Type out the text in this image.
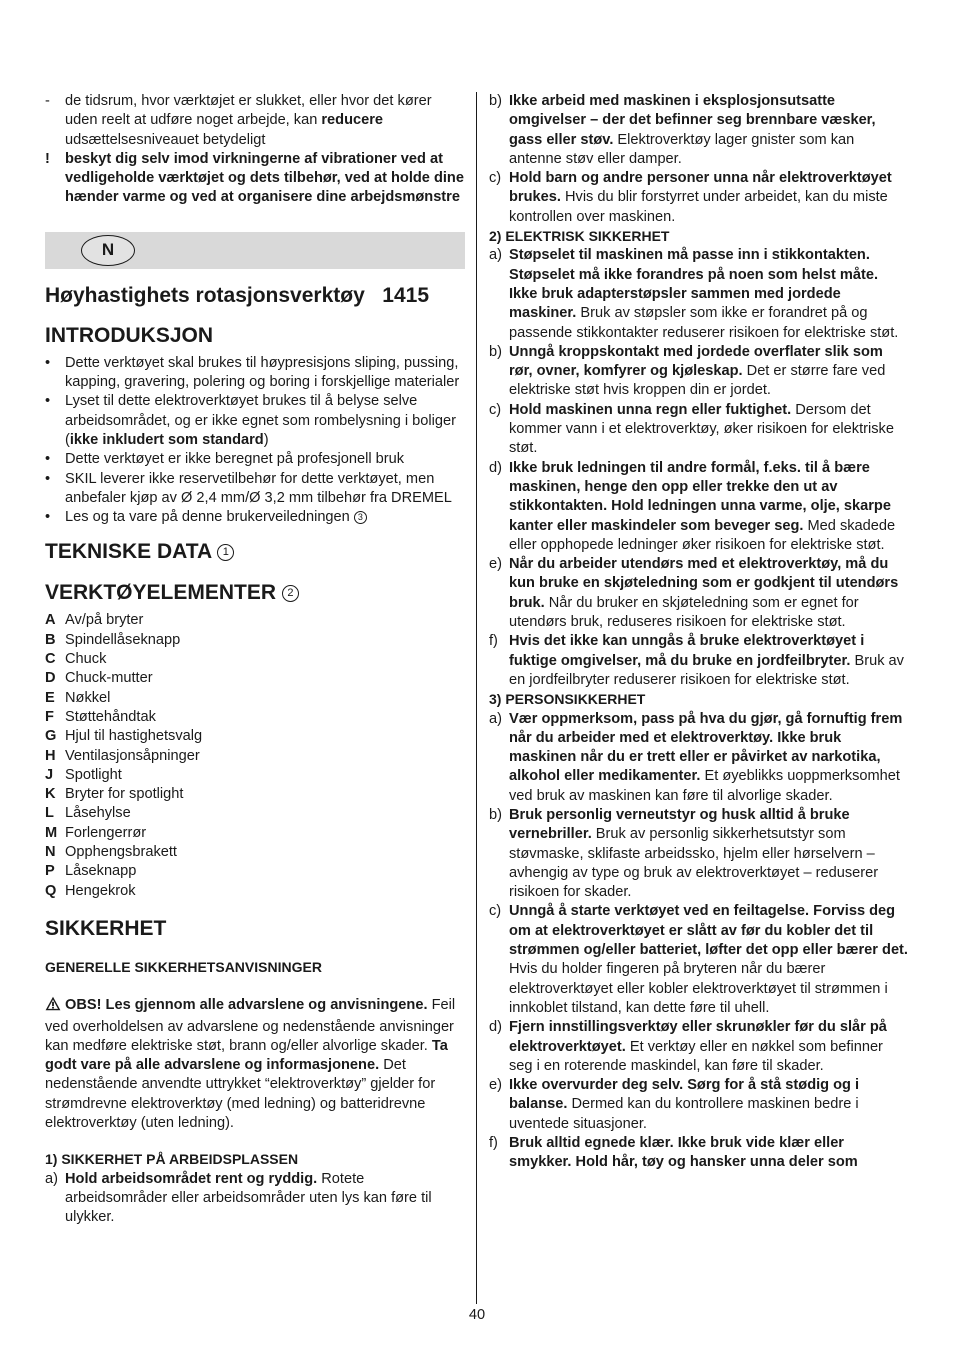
-	de tidsrum, hvor værktøjet er slukket, eller hvor det kører uden reelt at udføre noget arbejde, kan reducere udsættelsesniveauet betydeligt
!	beskyt dig selv imod virkningerne af vibrationer ved at vedligeholde værktøjet og dets tilbehør, ved at holde dine hænder varme og ved at organisere dine arbejdsmønstre
N
Høyhastighets rotasjonsverktøy 1415
INTRODUKSJON
•	Dette verktøyet skal brukes til høypresisjons sliping, pussing, kapping, gravering, polering og boring i forskjellige materialer
•	Lyset til dette elektroverktøyet brukes til å belyse selve arbeidsområdet, og er ikke egnet som rombelysning i boliger (ikke inkludert som standard)
•	Dette verktøyet er ikke beregnet på profesjonell bruk
•	SKIL leverer ikke reservetilbehør for dette verktøyet, men anbefaler kjøp av Ø 2,4 mm/Ø 3,2 mm tilbehør fra DREMEL
•	Les og ta vare på denne brukerveiledningen 3
TEKNISKE DATA 1
VERKTØYELEMENTER 2
A Av/på bryter
B Spindellåseknapp
C Chuck
D Chuck-mutter
E Nøkkel
F Støttehåndtak
G Hjul til hastighetsvalg
H Ventilasjonsåpninger
J Spotlight
K Bryter for spotlight
L Låsehylse
M Forlengerrør
N Opphengsbrakett
P Låseknapp
Q Hengekrok
SIKKERHET
GENERELLE SIKKERHETSANVISNINGER
OBS! Les gjennom alle advarslene og anvisningene. Feil ved overholdelsen av advarslene og nedenstående anvisninger kan medføre elektriske støt, brann og/eller alvorlige skader. Ta godt vare på alle advarslene og informasjonene. Det nedenstående anvendte uttrykket “elektroverktøy” gjelder for strømdrevne elektroverktøy (med ledning) og batteridrevne elektroverktøy (uten ledning).
1) SIKKERHET PÅ ARBEIDSPLASSEN
a) Hold arbeidsområdet rent og ryddig. Rotete arbeidsområder eller arbeidsområder uten lys kan føre til ulykker.
b) Ikke arbeid med maskinen i eksplosjonsutsatte omgivelser – der det befinner seg brennbare væsker, gass eller støv. Elektroverktøy lager gnister som kan antenne støv eller damper.
c) Hold barn og andre personer unna når elektroverktøyet brukes. Hvis du blir forstyrret under arbeidet, kan du miste kontrollen over maskinen.
2) ELEKTRISK SIKKERHET
a) Støpselet til maskinen må passe inn i stikkontakten. Støpselet må ikke forandres på noen som helst måte. Ikke bruk adapterstøpsler sammen med jordede maskiner. Bruk av støpsler som ikke er forandret på og passende stikkontakter reduserer risikoen for elektriske støt.
b) Unngå kroppskontakt med jordede overflater slik som rør, ovner, komfyrer og kjøleskap. Det er større fare ved elektriske støt hvis kroppen din er jordet.
c) Hold maskinen unna regn eller fuktighet. Dersom det kommer vann i et elektroverktøy, øker risikoen for elektriske støt.
d) Ikke bruk ledningen til andre formål, f.eks. til å bære maskinen, henge den opp eller trekke den ut av stikkontakten. Hold ledningen unna varme, olje, skarpe kanter eller maskindeler som beveger seg. Med skadede eller opphopede ledninger øker risikoen for elektriske støt.
e) Når du arbeider utendørs med et elektroverktøy, må du kun bruke en skjøteledning som er godkjent til utendørs bruk. Når du bruker en skjøteledning som er egnet for utendørs bruk, reduseres risikoen for elektriske støt.
f) Hvis det ikke kan unngås å bruke elektroverktøyet i fuktige omgivelser, må du bruke en jordfeilbryter. Bruk av en jordfeilbryter reduserer risikoen for elektriske støt.
3) PERSONSIKKERHET
a) Vær oppmerksom, pass på hva du gjør, gå fornuftig frem når du arbeider med et elektroverktøy. Ikke bruk maskinen når du er trett eller er påvirket av narkotika, alkohol eller medikamenter. Et øyeblikks uoppmerksomhet ved bruk av maskinen kan føre til alvorlige skader.
b) Bruk personlig verneutstyr og husk alltid å bruke vernebriller. Bruk av personlig sikkerhetsutstyr som støvmaske, sklifaste arbeidssko, hjelm eller hørselvern – avhengig av type og bruk av elektroverktøyet – reduserer risikoen for skader.
c) Unngå å starte verktøyet ved en feiltagelse. Forviss deg om at elektroverktøyet er slått av før du kobler det til strømmen og/eller batteriet, løfter det opp eller bærer det. Hvis du holder fingeren på bryteren når du bærer elektroverktøyet eller kobler elektroverktøyet til strømmen i innkoblet tilstand, kan dette føre til uhell.
d) Fjern innstillingsverktøy eller skrunøkler før du slår på elektroverktøyet. Et verktøy eller en nøkkel som befinner seg i en roterende maskindel, kan føre til skader.
e) Ikke overvurder deg selv. Sørg for å stå stødig og i balanse. Dermed kan du kontrollere maskinen bedre i uventede situasjoner.
f) Bruk alltid egnede klær. Ikke bruk vide klær eller smykker. Hold hår, tøy og hansker unna deler som
40
